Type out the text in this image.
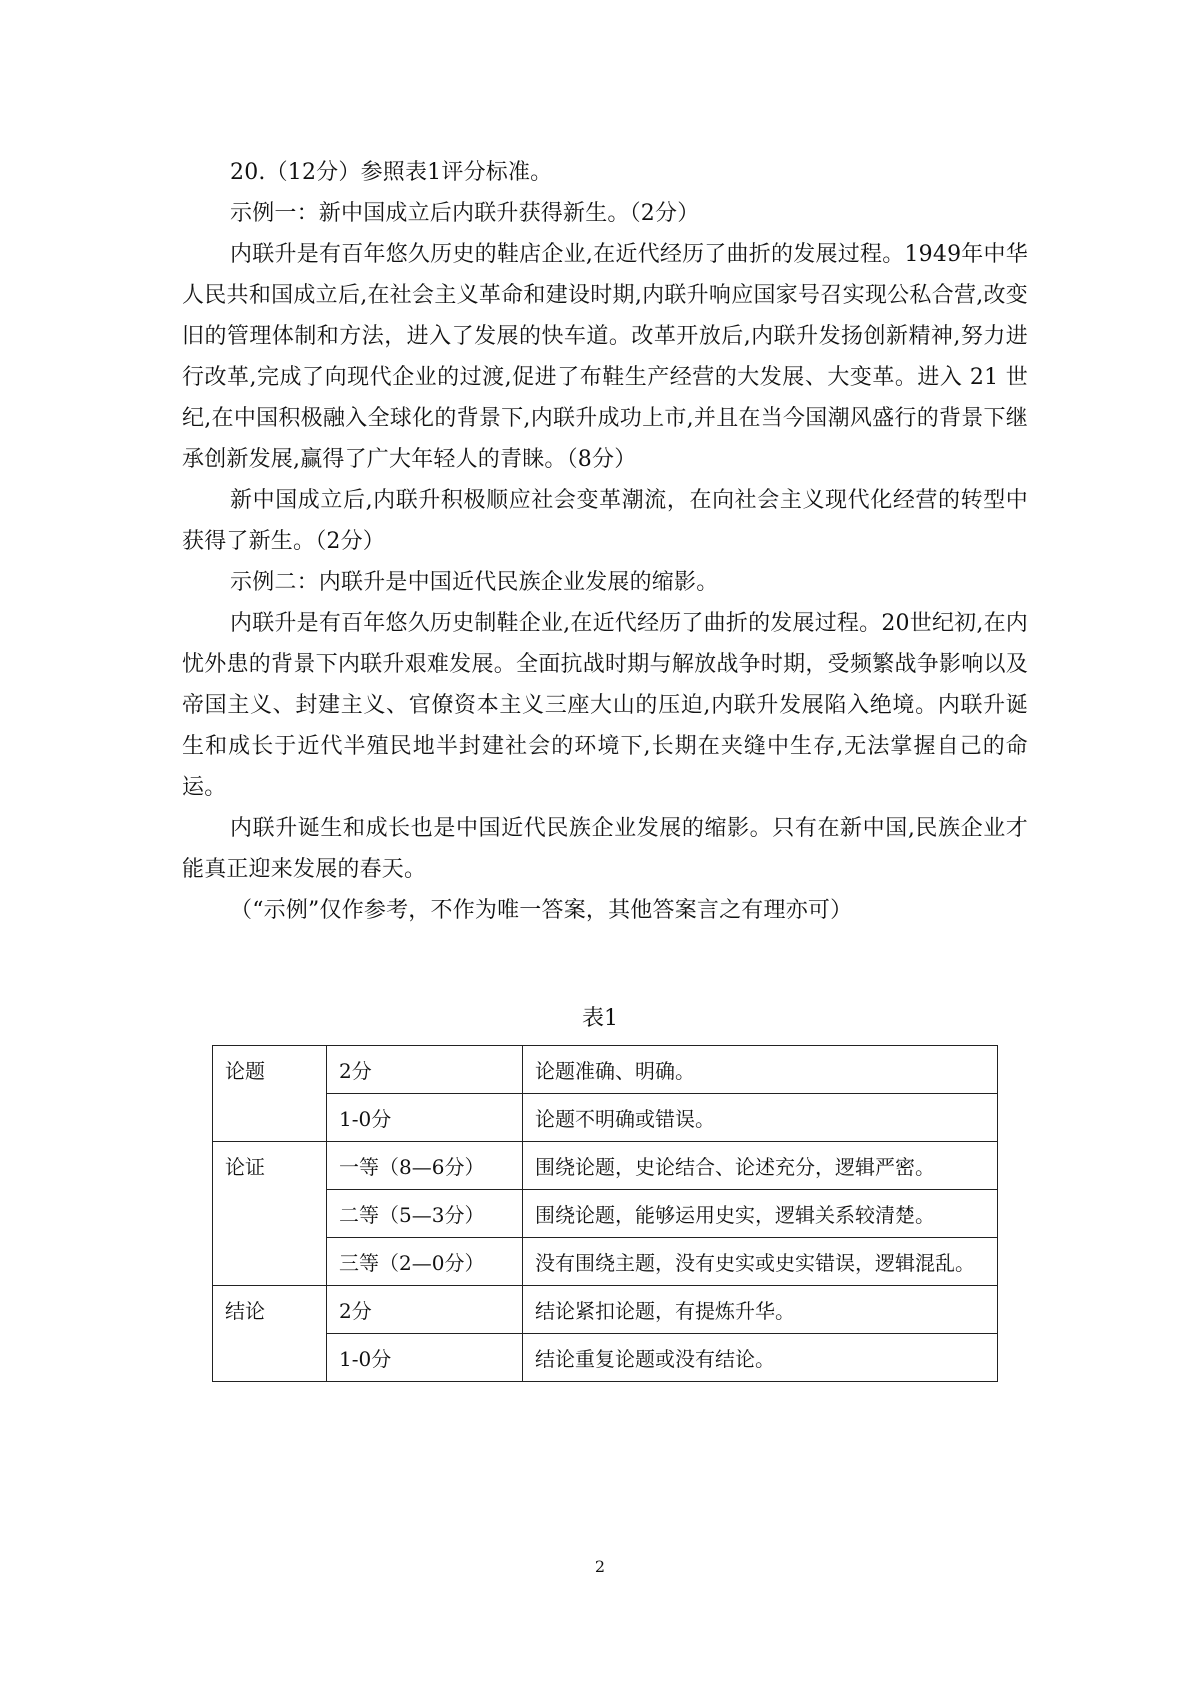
20.（12分）参照表1评分标准。

示例一：新中国成立后内联升获得新生。（2分）

内联升是有百年悠久历史的鞋店企业,在近代经历了曲折的发展过程。1949年中华人民共和国成立后,在社会主义革命和建设时期,内联升响应国家号召实现公私合营,改变旧的管理体制和方法，进入了发展的快车道。改革开放后,内联升发扬创新精神,努力进行改革,完成了向现代企业的过渡,促进了布鞋生产经营的大发展、大变革。进入 21 世纪,在中国积极融入全球化的背景下,内联升成功上市,并且在当今国潮风盛行的背景下继承创新发展,赢得了广大年轻人的青睐。（8分）

新中国成立后,内联升积极顺应社会变革潮流，在向社会主义现代化经营的转型中获得了新生。（2分）

示例二：内联升是中国近代民族企业发展的缩影。

内联升是有百年悠久历史制鞋企业,在近代经历了曲折的发展过程。20世纪初,在内忧外患的背景下内联升艰难发展。全面抗战时期与解放战争时期，受频繁战争影响以及帝国主义、封建主义、官僚资本主义三座大山的压迫,内联升发展陷入绝境。内联升诞生和成长于近代半殖民地半封建社会的环境下,长期在夹缝中生存,无法掌握自己的命运。

内联升诞生和成长也是中国近代民族企业发展的缩影。只有在新中国,民族企业才能真正迎来发展的春天。

（“示例”仅作参考，不作为唯一答案，其他答案言之有理亦可）

表1
论题	2分	论题准确、明确。
	1-0分	论题不明确或错误。
论证	一等（8—6分）	围绕论题，史论结合、论述充分，逻辑严密。
	二等（5—3分）	围绕论题，能够运用史实，逻辑关系较清楚。
	三等（2—0分）	没有围绕主题，没有史实或史实错误，逻辑混乱。
结论	2分	结论紧扣论题，有提炼升华。
	1-0分	结论重复论题或没有结论。
2
